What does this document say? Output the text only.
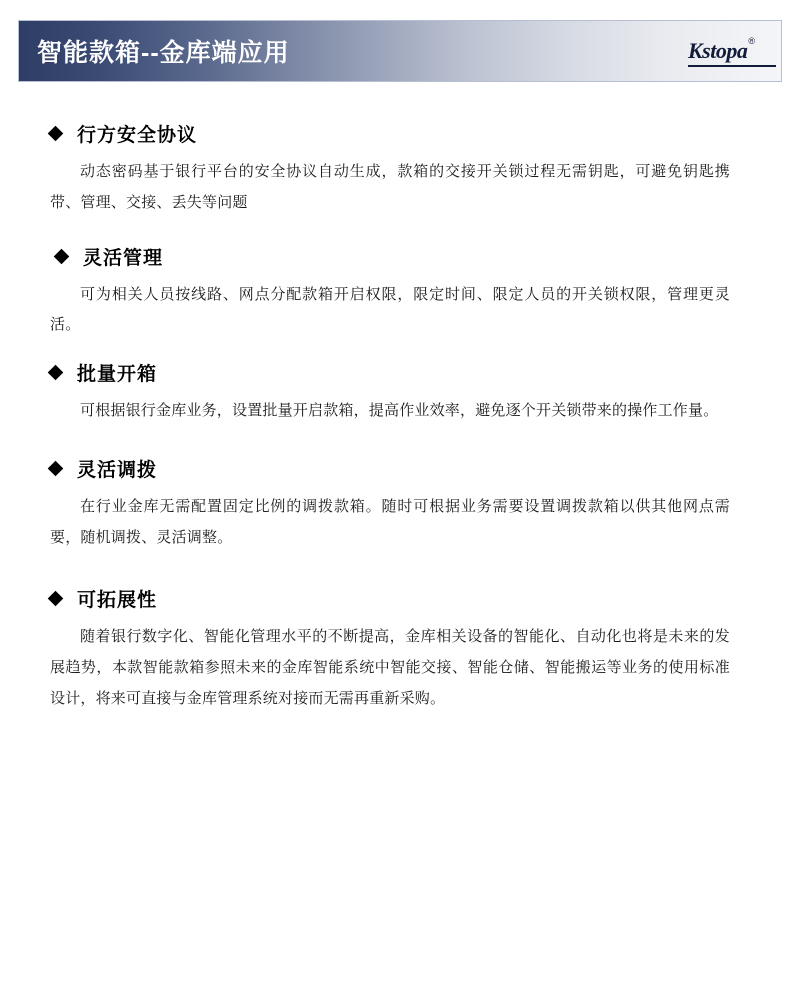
智能款箱--金库端应用	Kstopa ®
行方安全协议
动态密码基于银行平台的安全协议自动生成，款箱的交接开关锁过程无需钥匙，可避免钥匙携带、管理、交接、丢失等问题
灵活管理
可为相关人员按线路、网点分配款箱开启权限，限定时间、限定人员的开关锁权限，管理更灵活。
批量开箱
可根据银行金库业务，设置批量开启款箱，提高作业效率，避免逐个开关锁带来的操作工作量。
灵活调拨
在行业金库无需配置固定比例的调拨款箱。随时可根据业务需要设置调拨款箱以供其他网点需要，随机调拨、灵活调整。
可拓展性
随着银行数字化、智能化管理水平的不断提高，金库相关设备的智能化、自动化也将是未来的发展趋势，本款智能款箱参照未来的金库智能系统中智能交接、智能仓储、智能搬运等业务的使用标准设计，将来可直接与金库管理系统对接而无需再重新采购。
